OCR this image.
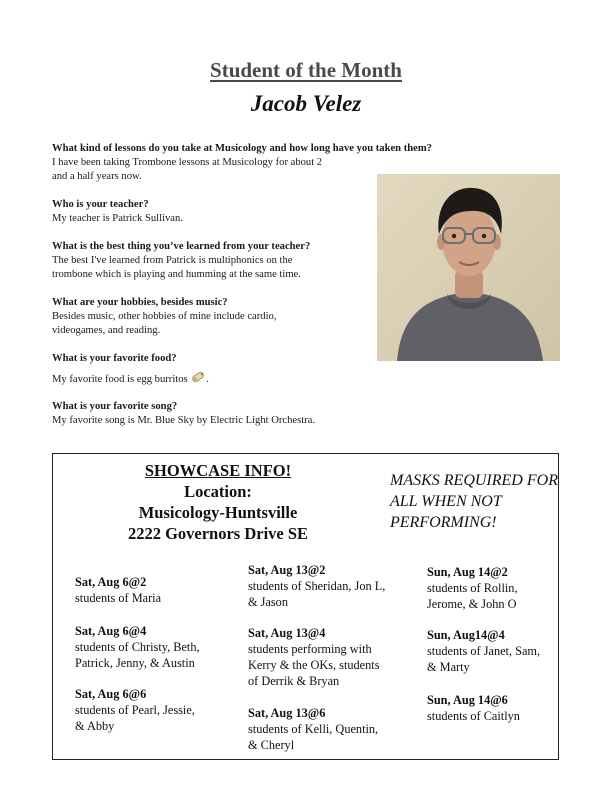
Student of the Month
Jacob Velez
What kind of lessons do you take at Musicology and how long have you taken them?
I have been taking Trombone lessons at Musicology for about 2
and a half years now.
Who is your teacher?
My teacher is Patrick Sullivan.
What is the best thing you’ve learned from your teacher?
The best I've learned from Patrick is multiphonics on the
trombone which is playing and humming at the same time.
What are your hobbies, besides music?
Besides music, other hobbies of mine include cardio,
videogames, and reading.
What is your favorite food?
My favorite food is egg burritos .
What is your favorite song?
My favorite song is Mr. Blue Sky by Electric Light Orchestra.
SHOWCASE INFO!
Location:
Musicology-Huntsville
2222 Governors Drive SE
MASKS REQUIRED FOR ALL WHEN NOT PERFORMING!
Sat, Aug 6@2
students of Maria
Sat, Aug 6@4
students of Christy, Beth,
Patrick, Jenny, & Austin
Sat, Aug 6@6
students of Pearl, Jessie,
& Abby
Sat, Aug 13@2
students of Sheridan, Jon L,
& Jason
Sat, Aug 13@4
students performing with
Kerry & the OKs, students
of Derrik & Bryan
Sat, Aug 13@6
students of Kelli, Quentin,
& Cheryl
Sun, Aug 14@2
students of Rollin,
Jerome, & John O
Sun, Aug14@4
students of Janet, Sam,
& Marty
Sun, Aug 14@6
students of Caitlyn
